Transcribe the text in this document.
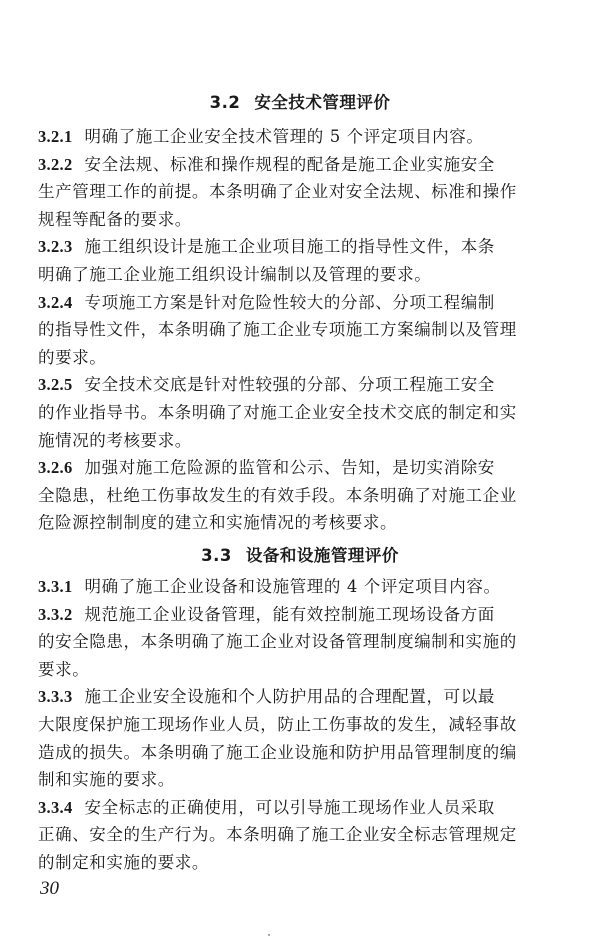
3.2 安全技术管理评价
3.2.1 明确了施工企业安全技术管理的 5 个评定项目内容。
3.2.2 安全法规、标准和操作规程的配备是施工企业实施安全
生产管理工作的前提。本条明确了企业对安全法规、标准和操作
规程等配备的要求。
3.2.3 施工组织设计是施工企业项目施工的指导性文件，本条
明确了施工企业施工组织设计编制以及管理的要求。
3.2.4 专项施工方案是针对危险性较大的分部、分项工程编制
的指导性文件，本条明确了施工企业专项施工方案编制以及管理
的要求。
3.2.5 安全技术交底是针对性较强的分部、分项工程施工安全
的作业指导书。本条明确了对施工企业安全技术交底的制定和实
施情况的考核要求。
3.2.6 加强对施工危险源的监管和公示、告知，是切实消除安
全隐患，杜绝工伤事故发生的有效手段。本条明确了对施工企业
危险源控制制度的建立和实施情况的考核要求。
3.3 设备和设施管理评价
3.3.1 明确了施工企业设备和设施管理的 4 个评定项目内容。
3.3.2 规范施工企业设备管理，能有效控制施工现场设备方面
的安全隐患，本条明确了施工企业对设备管理制度编制和实施的
要求。
3.3.3 施工企业安全设施和个人防护用品的合理配置，可以最
大限度保护施工现场作业人员，防止工伤事故的发生，减轻事故
造成的损失。本条明确了施工企业设施和防护用品管理制度的编
制和实施的要求。
3.3.4 安全标志的正确使用，可以引导施工现场作业人员采取
正确、安全的生产行为。本条明确了施工企业安全标志管理规定
的制定和实施的要求。
30
